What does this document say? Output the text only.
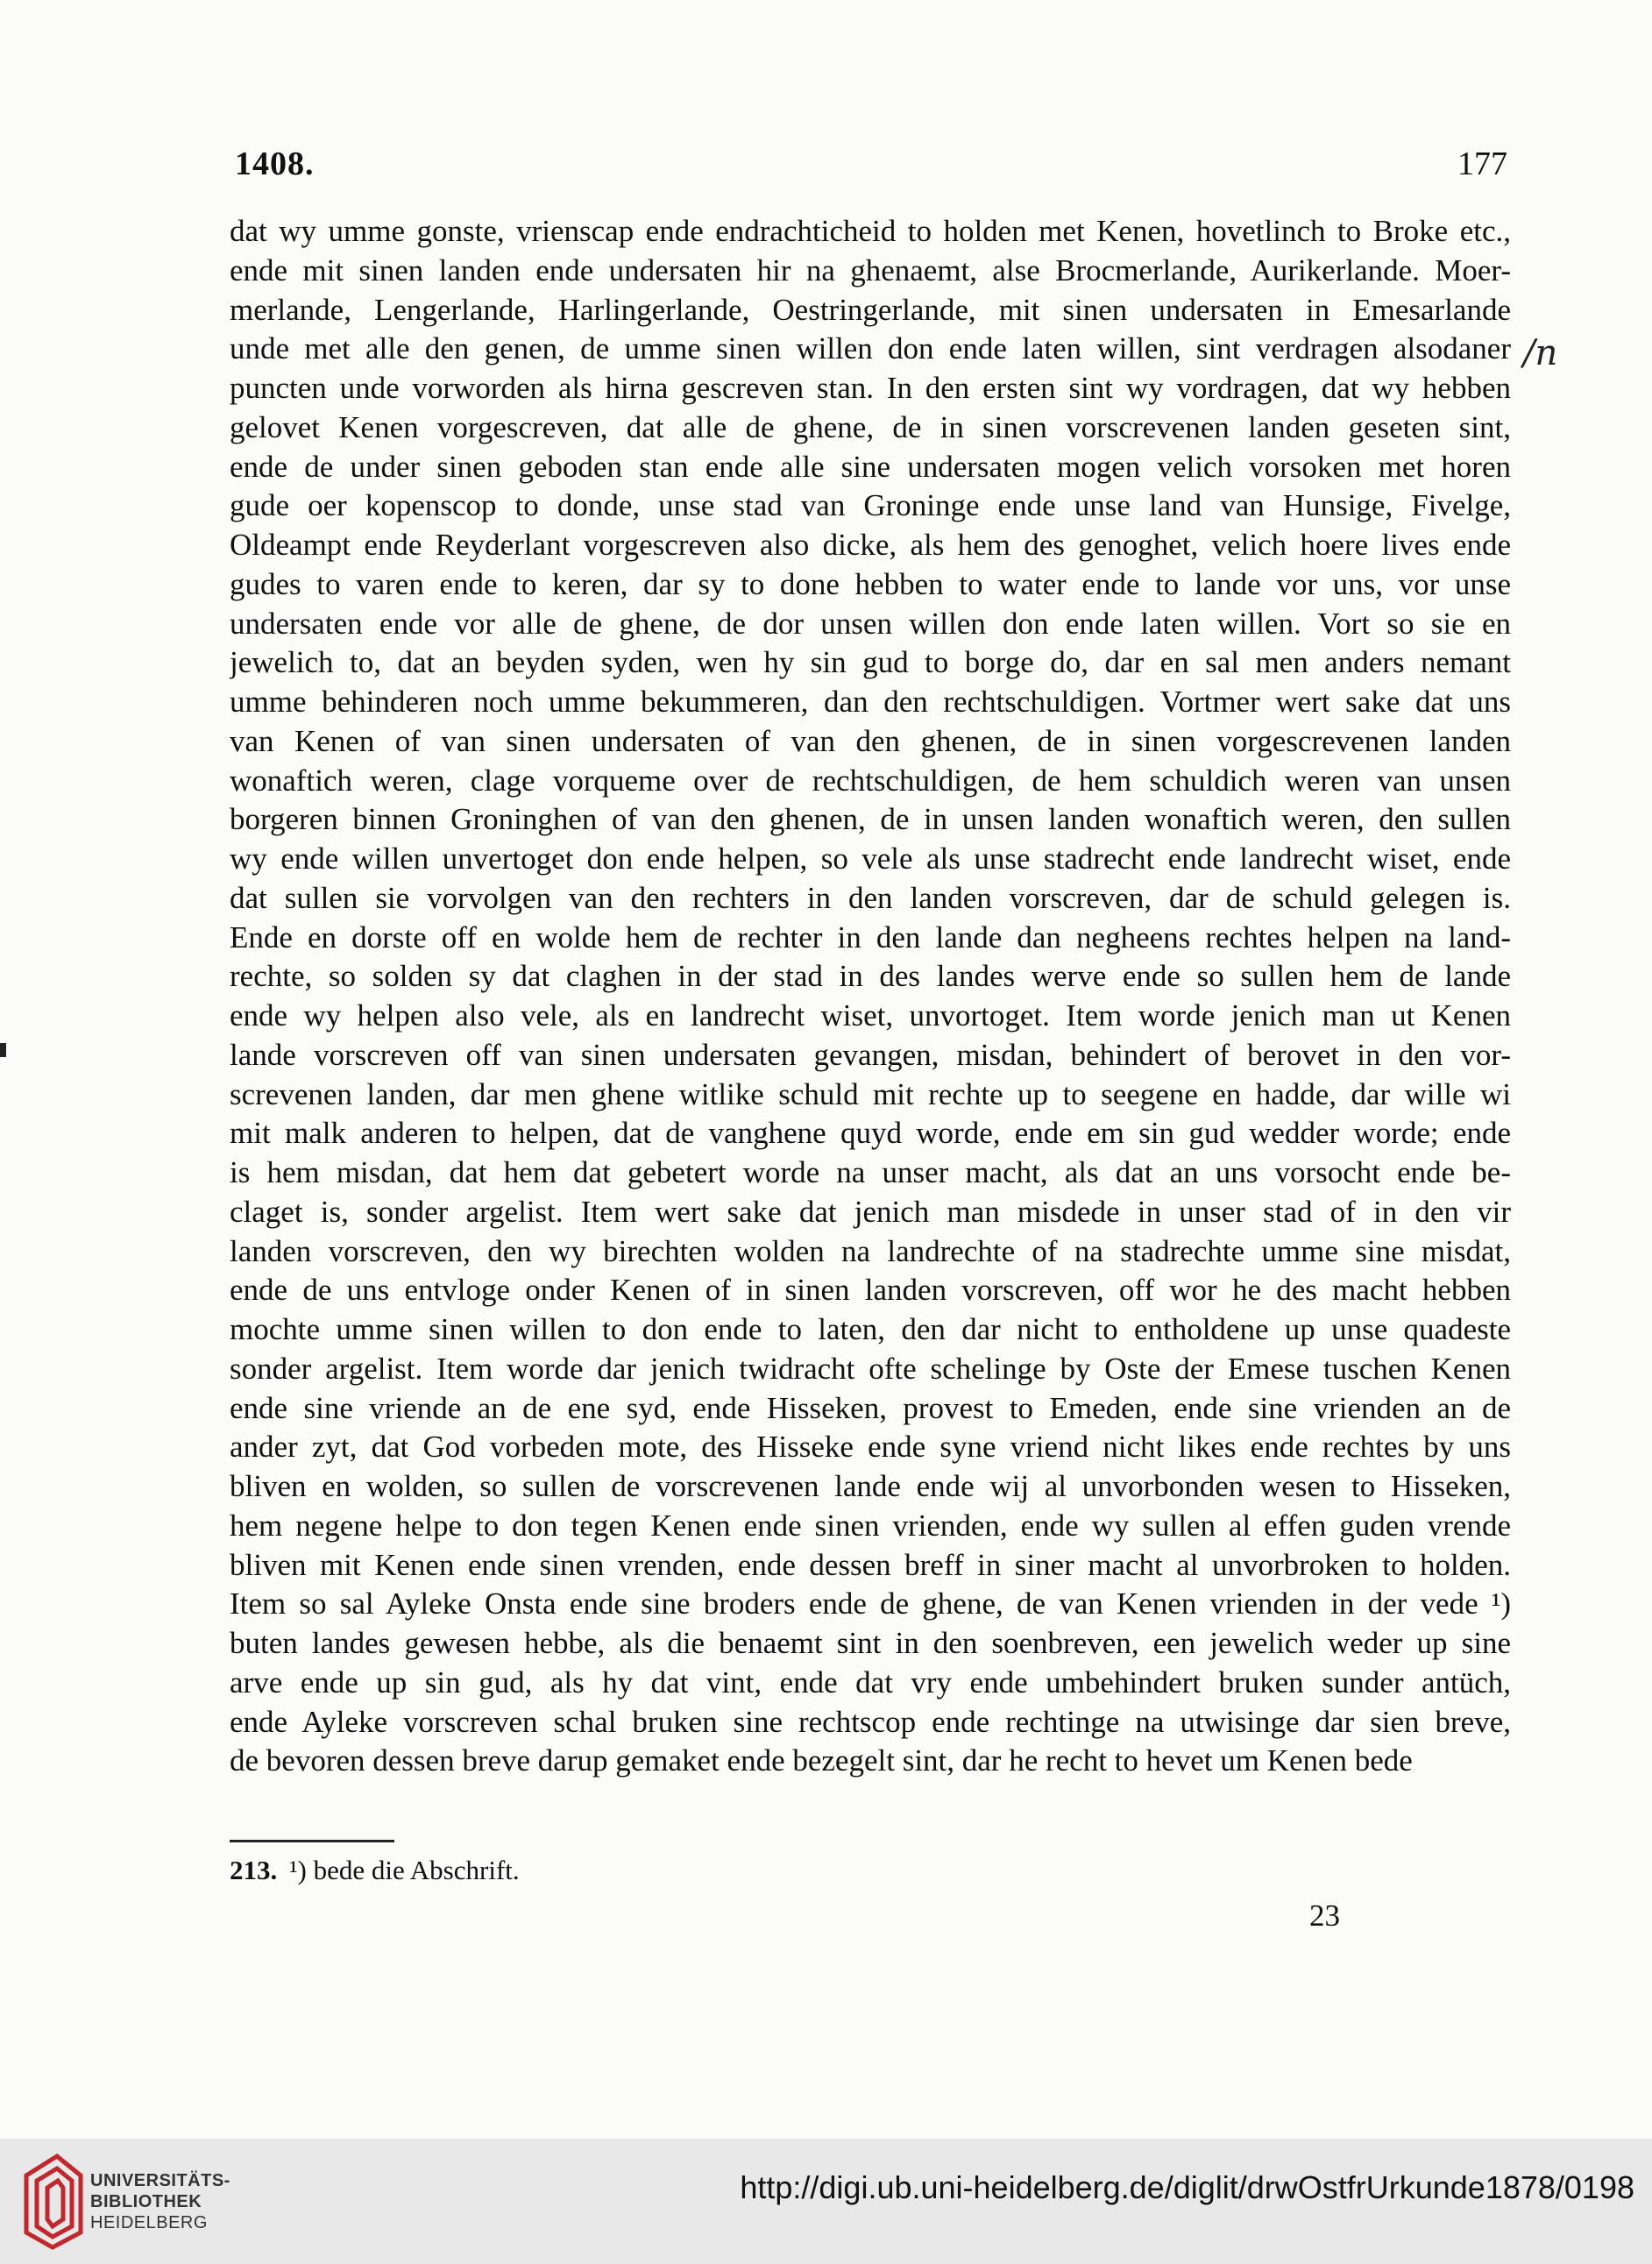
1408.	177
dat wy umme gonste, vrienscap ende endrachticheid to holden met Kenen, hovetlinch to Broke etc.,
ende mit sinen landen ende undersaten hir na ghenaemt, alse Brocmerlande, Aurikerlande. Moer-
merlande, Lengerlande, Harlingerlande, Oestringerlande, mit sinen undersaten in Emesarlande
unde met alle den genen, de umme sinen willen don ende laten willen, sint verdragen alsodaner
puncten unde vorworden als hirna gescreven stan. In den ersten sint wy vordragen, dat wy hebben
gelovet Kenen vorgescreven, dat alle de ghene, de in sinen vorscrevenen landen geseten sint,
ende de under sinen geboden stan ende alle sine undersaten mogen velich vorsoken met horen
gude oer kopenscop to donde, unse stad van Groninge ende unse land van Hunsige, Fivelge,
Oldeampt ende Reyderlant vorgescreven also dicke, als hem des genoghet, velich hoere lives ende
gudes to varen ende to keren, dar sy to done hebben to water ende to lande vor uns, vor unse
undersaten ende vor alle de ghene, de dor unsen willen don ende laten willen. Vort so sie en
jewelich to, dat an beyden syden, wen hy sin gud to borge do, dar en sal men anders nemant
umme behinderen noch umme bekummeren, dan den rechtschuldigen. Vortmer wert sake dat uns
van Kenen of van sinen undersaten of van den ghenen, de in sinen vorgescrevenen landen
wonaftich weren, clage vorqueme over de rechtschuldigen, de hem schuldich weren van unsen
borgeren binnen Groninghen of van den ghenen, de in unsen landen wonaftich weren, den sullen
wy ende willen unvertoget don ende helpen, so vele als unse stadrecht ende landrecht wiset, ende
dat sullen sie vorvolgen van den rechters in den landen vorscreven, dar de schuld gelegen is.
Ende en dorste off en wolde hem de rechter in den lande dan negheens rechtes helpen na land-
rechte, so solden sy dat claghen in der stad in des landes werve ende so sullen hem de lande
ende wy helpen also vele, als en landrecht wiset, unvortoget. Item worde jenich man ut Kenen
lande vorscreven off van sinen undersaten gevangen, misdan, behindert of berovet in den vor-
screvenen landen, dar men ghene witlike schuld mit rechte up to seegene en hadde, dar wille wi
mit malk anderen to helpen, dat de vanghene quyd worde, ende em sin gud wedder worde; ende
is hem misdan, dat hem dat gebetert worde na unser macht, als dat an uns vorsocht ende be-
claget is, sonder argelist. Item wert sake dat jenich man misdede in unser stad of in den vir
landen vorscreven, den wy birechten wolden na landrechte of na stadrechte umme sine misdat,
ende de uns entvloge onder Kenen of in sinen landen vorscreven, off wor he des macht hebben
mochte umme sinen willen to don ende to laten, den dar nicht to entholdene up unse quadeste
sonder argelist. Item worde dar jenich twidracht ofte schelinge by Oste der Emese tuschen Kenen
ende sine vriende an de ene syd, ende Hisseken, provest to Emeden, ende sine vrienden an de
ander zyt, dat God vorbeden mote, des Hisseke ende syne vriend nicht likes ende rechtes by uns
bliven en wolden, so sullen de vorscrevenen lande ende wij al unvorbonden wesen to Hisseken,
hem negene helpe to don tegen Kenen ende sinen vrienden, ende wy sullen al effen guden vrende
bliven mit Kenen ende sinen vrenden, ende dessen breff in siner macht al unvorbroken to holden.
Item so sal Ayleke Onsta ende sine broders ende de ghene, de van Kenen vrienden in der vede ¹)
buten landes gewesen hebbe, als die benaemt sint in den soenbreven, een jewelich weder up sine
arve ende up sin gud, als hy dat vint, ende dat vry ende umbehindert bruken sunder antüch,
ende Ayleke vorscreven schal bruken sine rechtscop ende rechtinge na utwisinge dar sien breve,
de bevoren dessen breve darup gemaket ende bezegelt sint, dar he recht to hevet um Kenen bede
/n
213. ¹) bede die Abschrift.
23
UNIVERSITÄTS-
BIBLIOTHEK
HEIDELBERG
http://digi.ub.uni-heidelberg.de/diglit/drwOstfrUrkunde1878/0198
